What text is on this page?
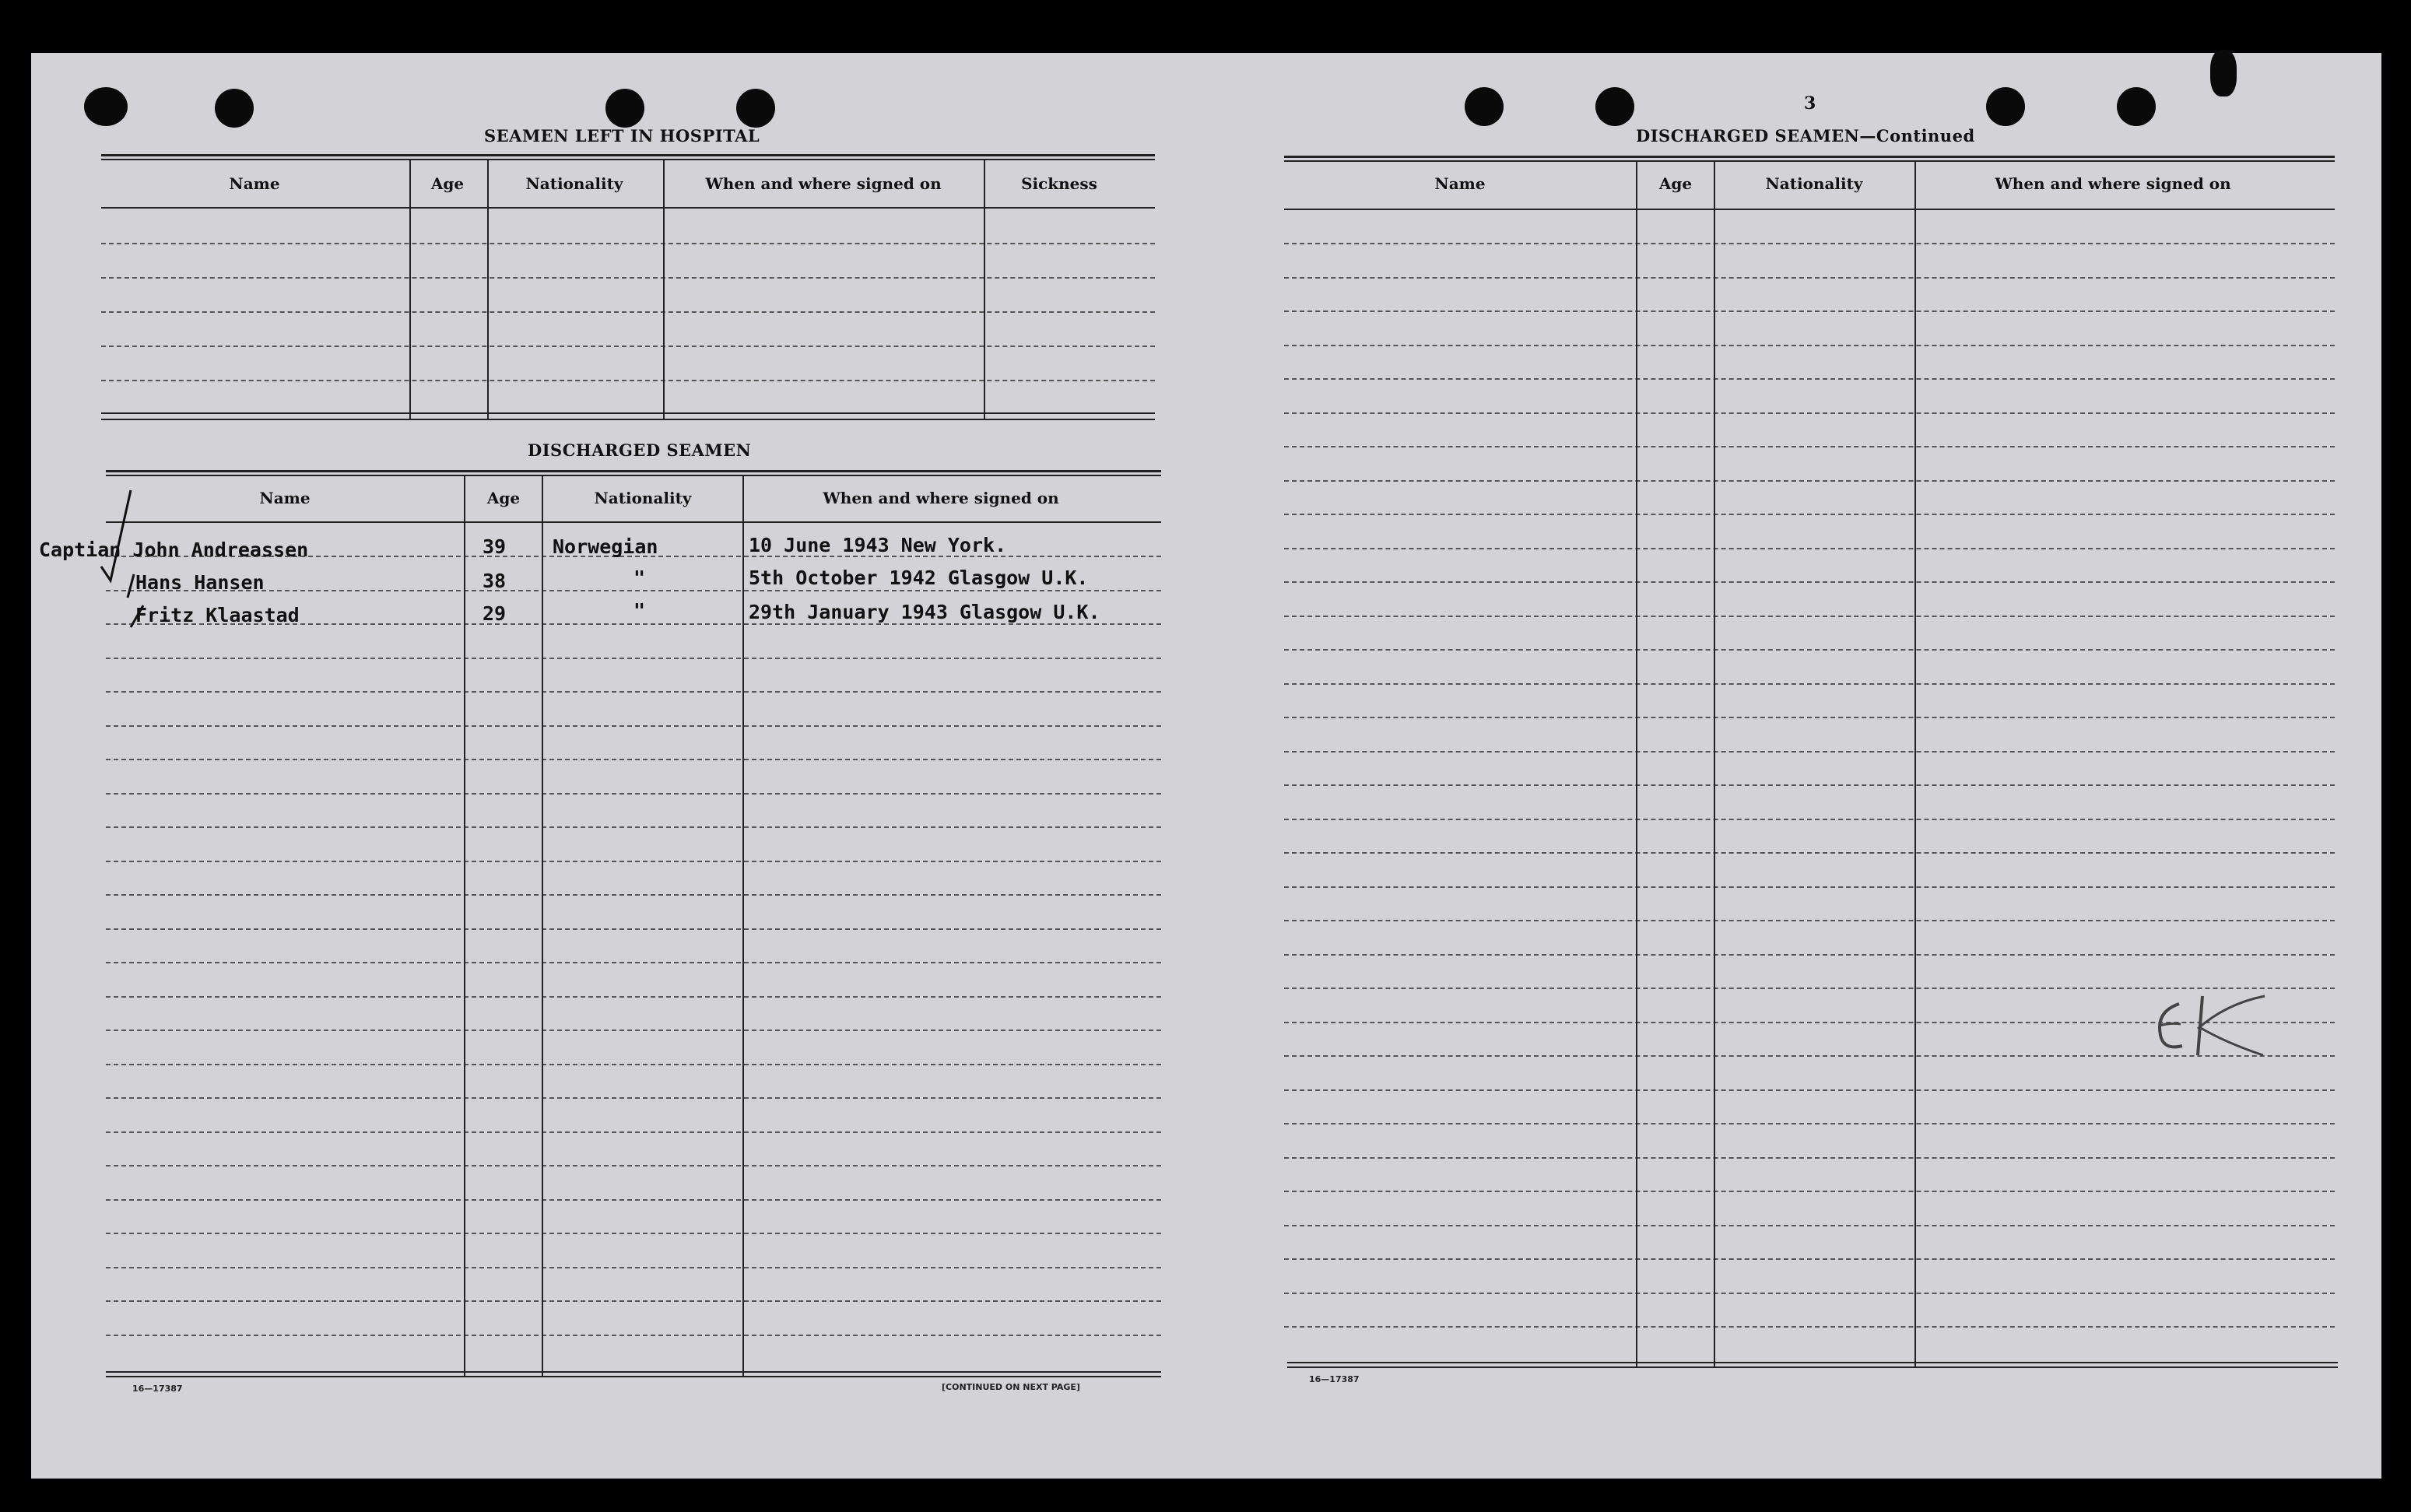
3
SEAMEN LEFT IN HOSPITAL
Name	Age	Nationality	When and where signed on	Sickness
DISCHARGED SEAMEN
Name	Age	Nationality	When and where signed on
Captian John Andreassen	39 Norwegian	10 June 1943 New York.
Hans Hansen	38	"	5th October 1942 Glasgow U.K.
Fritz Klaastad	29	"	29th January 1943 Glasgow U.K.
16—17387	[CONTINUED ON NEXT PAGE]
DISCHARGED SEAMEN—Continued
Name	Age	Nationality	When and where signed on
16—17387
